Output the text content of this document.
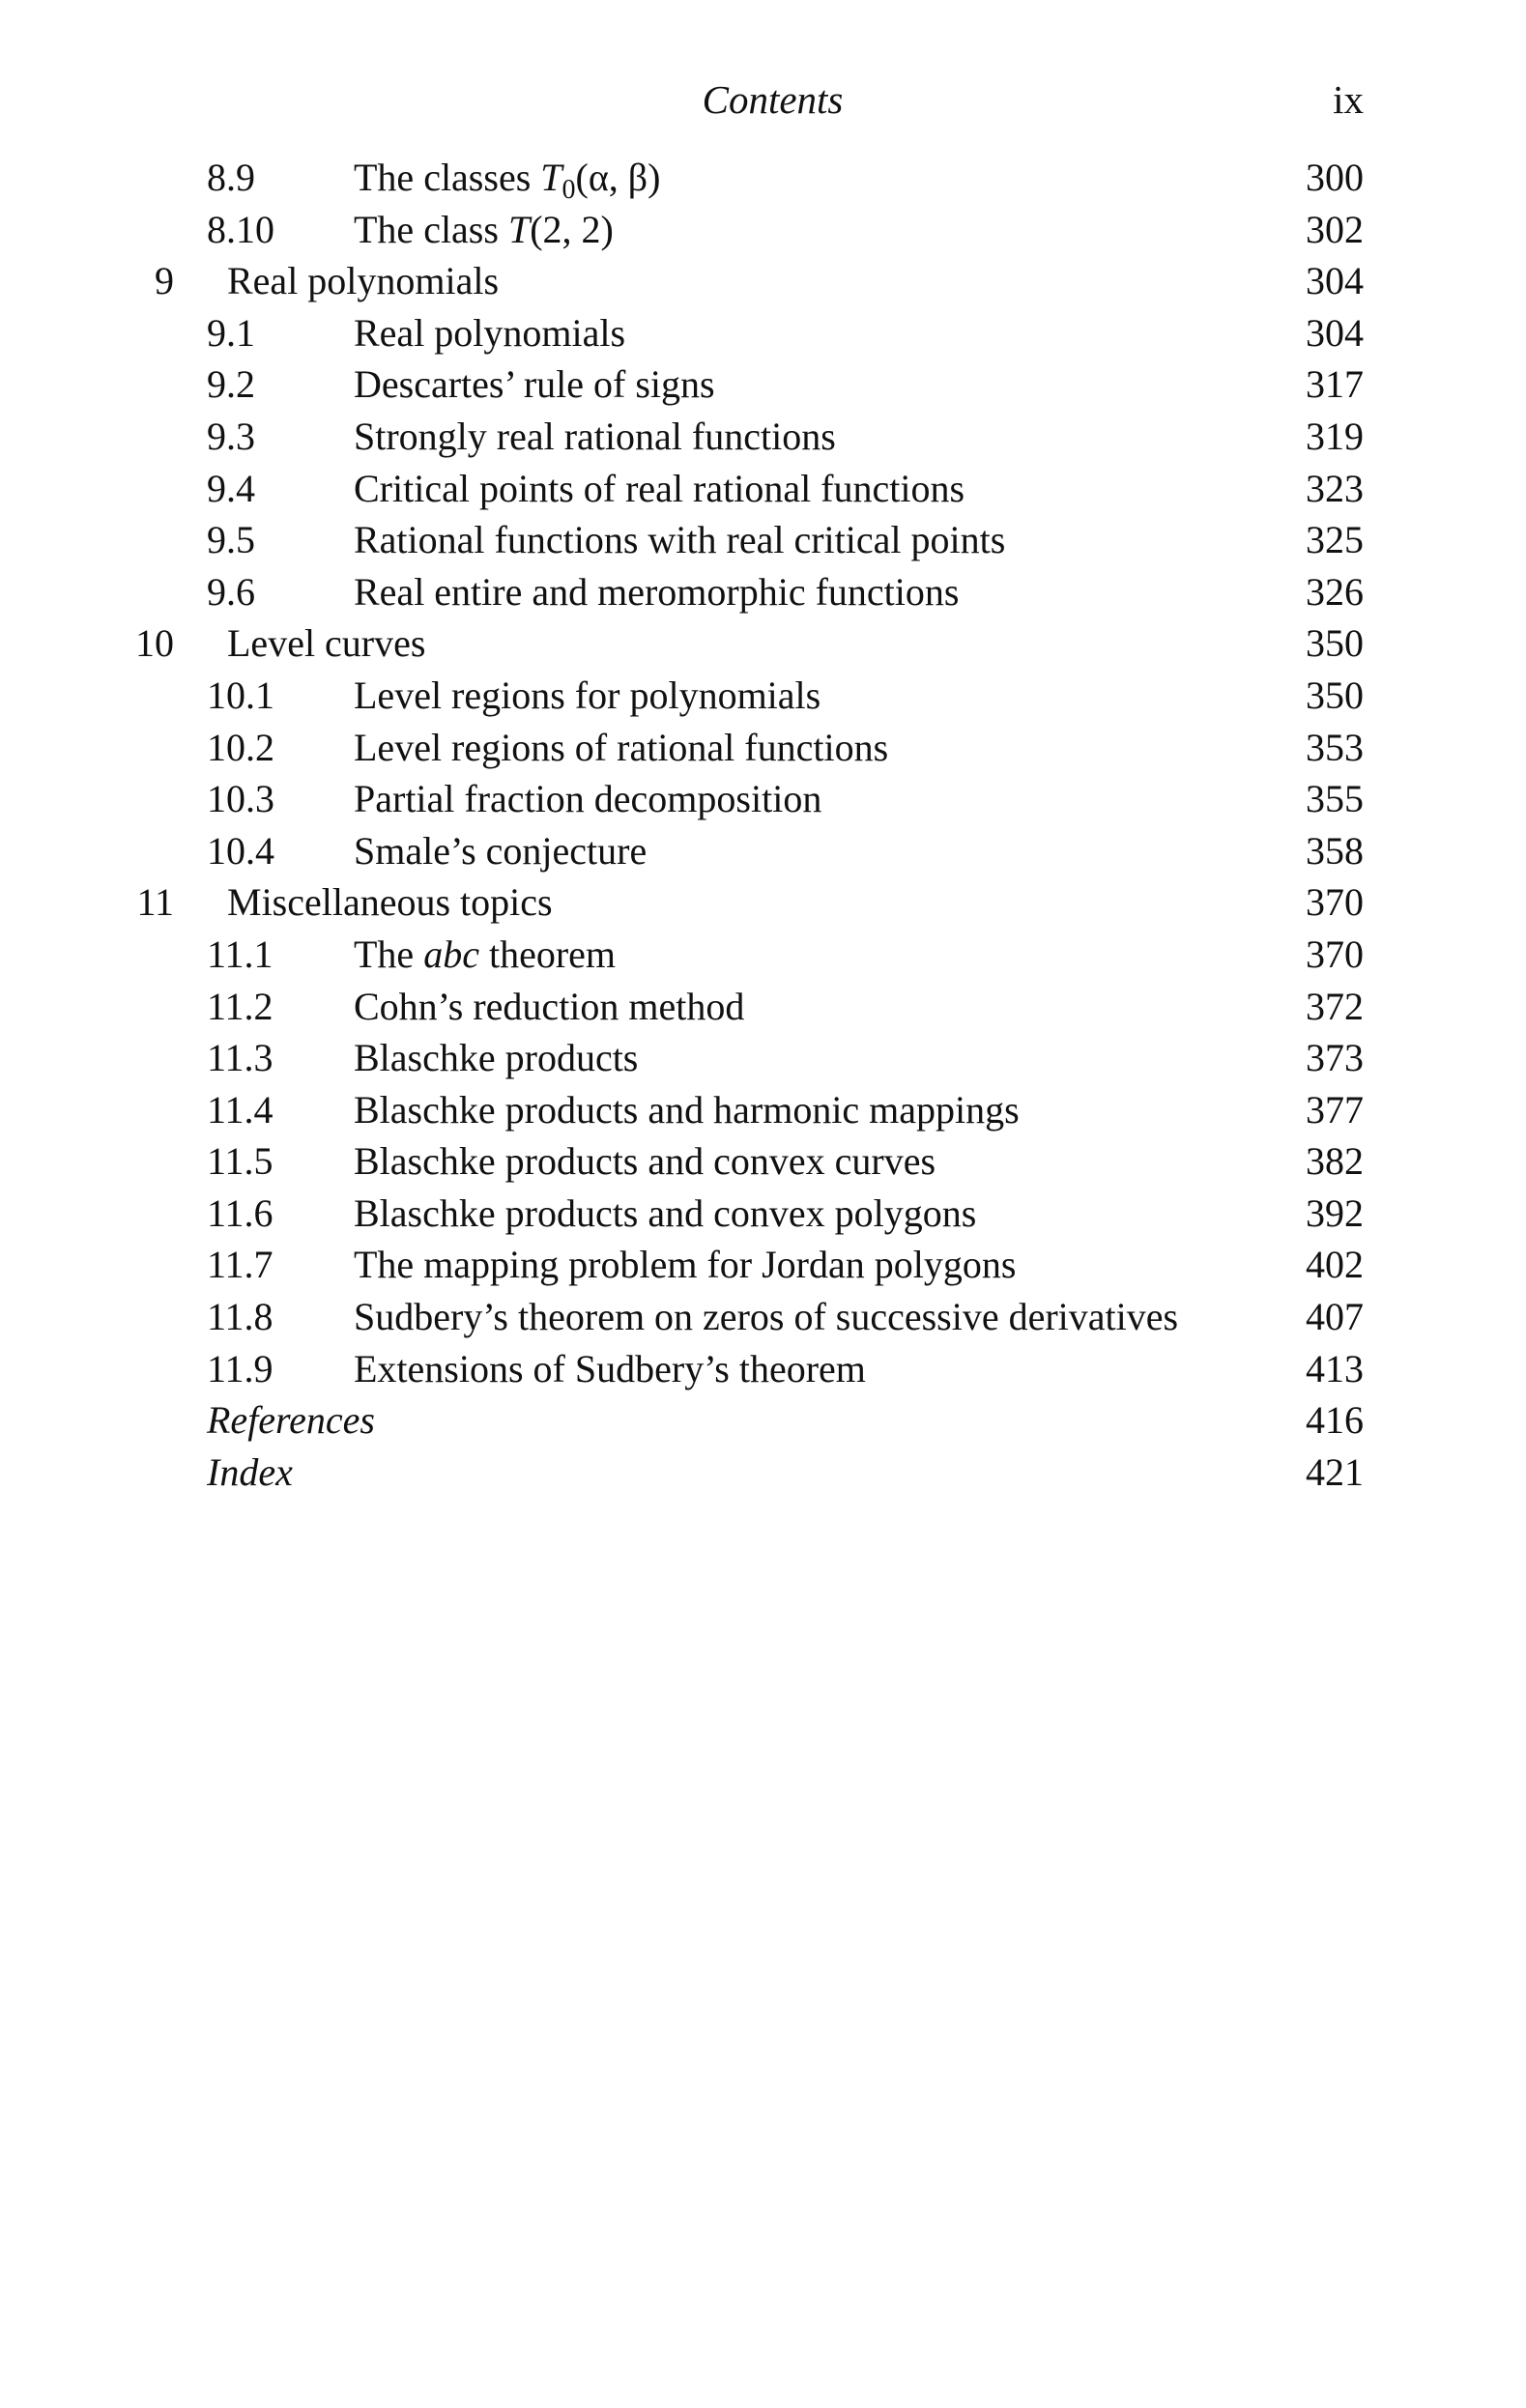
Contents	ix
8.9	The classes $T_0(\alpha$, β)	300
8.10 The class T(2, 2)	302
9 Real polynomials	304
9.1	Real polynomials	304
9.2	Descartes’ rule of signs	317
9.3	Strongly real rational functions	319
9.4	Critical points of real rational functions	323
9.5	Rational functions with real critical points	325
9.6	Real entire and meromorphic functions	326
10 Level curves	350
10.1 Level regions for polynomials	350
10.2 Level regions of rational functions	353
10.3 Partial fraction decomposition	355
10.4 Smale’s conjecture	358
11 Miscellaneous topics	370
11.1 The abc theorem	370
11.2 Cohn’s reduction method	372
11.3 Blaschke products	373
11.4 Blaschke products and harmonic mappings	377
11.5 Blaschke products and convex curves	382
11.6 Blaschke products and convex polygons	392
11.7 The mapping problem for Jordan polygons	402
11.8 Sudbery’s theorem on zeros of successive derivatives	407
11.9 Extensions of Sudbery’s theorem	413
References	416
Index	421
